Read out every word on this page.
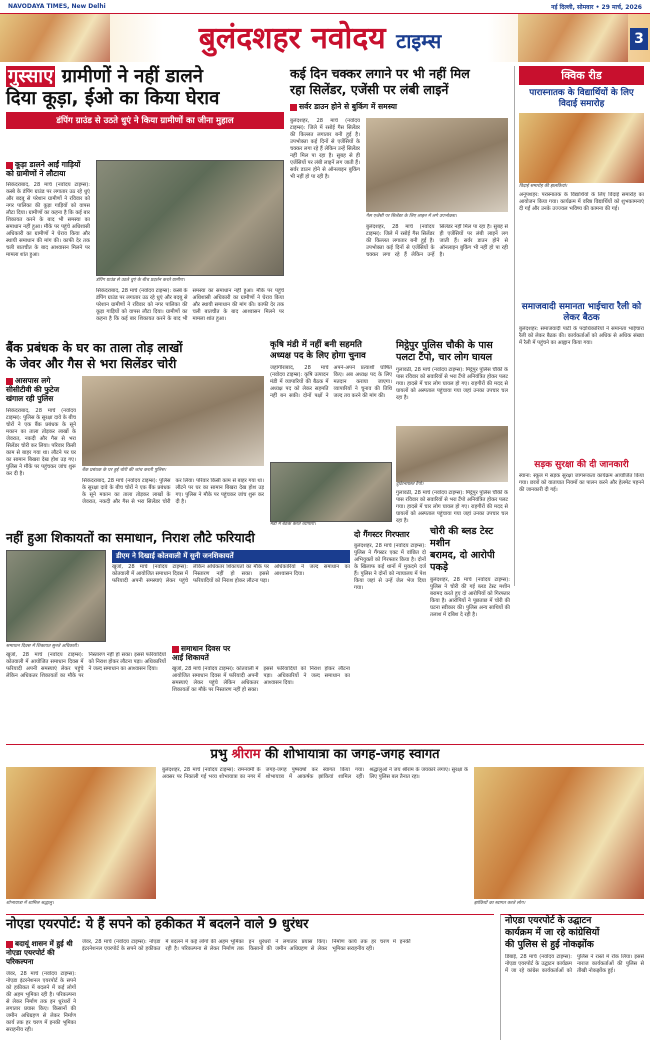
NAVODAYA TIMES, New Delhi	नई दिल्ली, सोमवार • 29 मार्च, 2026
बुलंदशहर नवोदय टाइम्स	3
गुस्साए ग्रामीणों ने नहीं डालने
दिया कूड़ा, ईओ का किया घेराव
डंपिंग ग्राउंड से उठते धुएं ने किया ग्रामीणों का जीना मुहाल
कूड़ा डालने आईं गाड़ियों को ग्रामीणों ने लौटाया
सिकंदराबाद, 28 मार्च (नवोदय टाइम्स): कस्बे के डंपिंग ग्राउंड पर लगातार उठ रहे धुएं और बदबू से परेशान ग्रामीणों ने रविवार को नगर पालिका की कूड़ा गाड़ियों को वापस लौटा दिया। ग्रामीणों का कहना है कि कई बार शिकायत करने के बाद भी समस्या का समाधान नहीं हुआ। मौके पर पहुंचे अधिशासी अधिकारी का ग्रामीणों ने घेराव किया और स्थायी समाधान की मांग की। काफी देर तक चली बातचीत के बाद आश्वासन मिलने पर मामला शांत हुआ।
डंपिंग ग्राउंड से उठते धुएं के बीच प्रदर्शन करते ग्रामीण।
सिकंदराबाद, 28 मार्च (नवोदय टाइम्स): कस्बे के डंपिंग ग्राउंड पर लगातार उठ रहे धुएं और बदबू से परेशान ग्रामीणों ने रविवार को नगर पालिका की कूड़ा गाड़ियों को वापस लौटा दिया। ग्रामीणों का कहना है कि कई बार शिकायत करने के बाद भी समस्या का समाधान नहीं हुआ। मौके पर पहुंचे अधिशासी अधिकारी का ग्रामीणों ने घेराव किया और स्थायी समाधान की मांग की। काफी देर तक चली बातचीत के बाद आश्वासन मिलने पर मामला शांत हुआ।
कई दिन चक्कर लगाने पर भी नहीं मिल
रहा सिलेंडर, एजेंसी पर लंबी लाइनें
सर्वर डाउन होने से बुकिंग में समस्या
बुलंदशहर, 28 मार्च (नवोदय टाइम्स): जिले में रसोई गैस सिलेंडर की किल्लत लगातार बनी हुई है। उपभोक्ता कई दिनों से एजेंसियों के चक्कर लगा रहे हैं लेकिन उन्हें सिलेंडर नहीं मिल पा रहा है। सुबह से ही एजेंसियों पर लंबी लाइनें लग जाती हैं। सर्वर डाउन होने से ऑनलाइन बुकिंग भी नहीं हो पा रही है।
गैस एजेंसी पर सिलेंडर के लिए लाइन में लगे उपभोक्ता।
बुलंदशहर, 28 मार्च (नवोदय टाइम्स): जिले में रसोई गैस सिलेंडर की किल्लत लगातार बनी हुई है। उपभोक्ता कई दिनों से एजेंसियों के चक्कर लगा रहे हैं लेकिन उन्हें सिलेंडर नहीं मिल पा रहा है। सुबह से ही एजेंसियों पर लंबी लाइनें लग जाती हैं। सर्वर डाउन होने से ऑनलाइन बुकिंग भी नहीं हो पा रही है।
क्विक रीड
पारास्नातक के विद्यार्थियों के लिए विदाई समारोह
विदाई समारोह की झलकियां।
अनूपशहर: परास्नातक के विद्यार्थियों के लिए विदाई समारोह का आयोजन किया गया। कार्यक्रम में वरिष्ठ विद्यार्थियों को शुभकामनाएं दी गईं और उनके उज्ज्वल भविष्य की कामना की गई।
समाजवादी समानता भाईचारा रैली को लेकर बैठक
बुलंदशहर: समाजवादी पार्टी के पदाधिकारियों ने समानता भाईचारा रैली को लेकर बैठक की। कार्यकर्ताओं को अधिक से अधिक संख्या में रैली में पहुंचने का आह्वान किया गया।
सड़क सुरक्षा की दी जानकारी
स्याना: स्कूल में सड़क सुरक्षा जागरूकता कार्यक्रम आयोजित किया गया। छात्रों को यातायात नियमों का पालन करने और हेलमेट पहनने की जानकारी दी गई।
बैंक प्रबंधक के घर का ताला तोड़ लाखों
के जेवर और गैस से भरा सिलेंडर चोरी
आसपास लगे सीसीटीवी की फुटेज खंगाल रही पुलिस
सिकंदराबाद, 28 मार्च (नवोदय टाइम्स): पुलिस के सुरक्षा दावे के बीच चोरों ने एक बैंक प्रबंधक के सूने मकान का ताला तोड़कर लाखों के जेवरात, नकदी और गैस से भरा सिलेंडर चोरी कर लिया। परिवार किसी काम से बाहर गया था। लौटने पर घर का सामान बिखरा देख होश उड़ गए। पुलिस ने मौके पर पहुंचकर जांच शुरू कर दी है।
बैंक प्रबंधक के घर हुई चोरी की जांच करती पुलिस।
सिकंदराबाद, 28 मार्च (नवोदय टाइम्स): पुलिस के सुरक्षा दावे के बीच चोरों ने एक बैंक प्रबंधक के सूने मकान का ताला तोड़कर लाखों के जेवरात, नकदी और गैस से भरा सिलेंडर चोरी कर लिया। परिवार किसी काम से बाहर गया था। लौटने पर घर का सामान बिखरा देख होश उड़ गए। पुलिस ने मौके पर पहुंचकर जांच शुरू कर दी है।
कृषि मंडी में नहीं बनी सहमति
अध्यक्ष पद के लिए होगा चुनाव
जहांगीराबाद, 28 मार्च (नवोदय टाइम्स): कृषि उत्पादन मंडी में व्यापारियों की बैठक में अध्यक्ष पद को लेकर सहमति नहीं बन सकी। दोनों पक्षों ने अपने-अपने प्रत्याशी घोषित किए। अब अध्यक्ष पद के लिए मतदान कराया जाएगा। व्यापारियों ने चुनाव की तिथि जल्द तय करने की मांग की।
मंडी में बैठक करते व्यापारी।
मिट्ठेपुर पुलिस चौकी के पास
पलटा टैंपो, चार लोग घायल
गुलावठी, 28 मार्च (नवोदय टाइम्स): मिट्ठेपुर पुलिस चौकी के पास रविवार को सवारियों से भरा टैंपो अनियंत्रित होकर पलट गया। हादसे में चार लोग घायल हो गए। राहगीरों की मदद से घायलों को अस्पताल पहुंचाया गया जहां उनका उपचार चल रहा है।
दुर्घटनाग्रस्त टैंपो।
गुलावठी, 28 मार्च (नवोदय टाइम्स): मिट्ठेपुर पुलिस चौकी के पास रविवार को सवारियों से भरा टैंपो अनियंत्रित होकर पलट गया। हादसे में चार लोग घायल हो गए। राहगीरों की मदद से घायलों को अस्पताल पहुंचाया गया जहां उनका उपचार चल रहा है।
नहीं हुआ शिकायतों का समाधान, निराश लौटे फरियादी
डीएम ने दिखाई कोतवाली में सुनी जनशिकायतें
खुर्जा, 28 मार्च (नवोदय टाइम्स): कोतवाली में आयोजित समाधान दिवस में फरियादी अपनी समस्याएं लेकर पहुंचे लेकिन अधिकतर शिकायतों का मौके पर निस्तारण नहीं हो सका। इससे फरियादियों को निराश होकर लौटना पड़ा। अधिकारियों ने जल्द समाधान का आश्वासन दिया।
समाधान दिवस में शिकायत सुनते अधिकारी।
खुर्जा, 28 मार्च (नवोदय टाइम्स): कोतवाली में आयोजित समाधान दिवस में फरियादी अपनी समस्याएं लेकर पहुंचे लेकिन अधिकतर शिकायतों का मौके पर निस्तारण नहीं हो सका। इससे फरियादियों को निराश होकर लौटना पड़ा। अधिकारियों ने जल्द समाधान का आश्वासन दिया।
समाधान दिवस पर आईं शिकायतें
खुर्जा, 28 मार्च (नवोदय टाइम्स): कोतवाली में आयोजित समाधान दिवस में फरियादी अपनी समस्याएं लेकर पहुंचे लेकिन अधिकतर शिकायतों का मौके पर निस्तारण नहीं हो सका। इससे फरियादियों को निराश होकर लौटना पड़ा। अधिकारियों ने जल्द समाधान का आश्वासन दिया।
दो गैंगस्टर गिरफ्तार
बुलंदशहर, 28 मार्च (नवोदय टाइम्स): पुलिस ने गैंगस्टर एक्ट में वांछित दो अभियुक्तों को गिरफ्तार किया है। दोनों के खिलाफ कई थानों में मुकदमे दर्ज हैं। पुलिस ने दोनों को न्यायालय में पेश किया जहां से उन्हें जेल भेज दिया गया।
चोरी की ब्लड टेस्ट मशीन
बरामद, दो आरोपी पकड़े
बुलंदशहर, 28 मार्च (नवोदय टाइम्स): पुलिस ने चोरी की गई ब्लड टेस्ट मशीन बरामद करते हुए दो आरोपियों को गिरफ्तार किया है। आरोपियों ने पूछताछ में चोरी की घटना स्वीकार की। पुलिस अन्य साथियों की तलाश में दबिश दे रही है।
प्रभु श्रीराम की शोभायात्रा का जगह-जगह स्वागत
शोभायात्रा में शामिल श्रद्धालु।
बुलंदशहर, 28 मार्च (नवोदय टाइम्स): रामनवमी के अवसर पर निकाली गई भव्य शोभायात्रा का नगर में जगह-जगह पुष्पवर्षा कर स्वागत किया गया। शोभायात्रा में आकर्षक झांकियां शामिल रहीं। श्रद्धालुओं ने जय श्रीराम के जयकारे लगाए। सुरक्षा के लिए पुलिस बल तैनात रहा।
झांकियों का स्वागत करते लोग।
नोएडा एयरपोर्ट: ये हैं सपने को हकीकत में बदलने वाले 9 धुरंधर
बदायूं शासन में हुई थी नोएडा एयरपोर्ट की परिकल्पना
जेवर, 28 मार्च (नवोदय टाइम्स): नोएडा इंटरनेशनल एयरपोर्ट के सपने को हकीकत में बदलने में कई लोगों की अहम भूमिका रही है। परिकल्पना से लेकर निर्माण तक इन धुरंधरों ने लगातार प्रयास किए। किसानों की जमीन अधिग्रहण से लेकर निर्माण कार्य तक हर चरण में इनकी भूमिका सराहनीय रही।
जेवर, 28 मार्च (नवोदय टाइम्स): नोएडा इंटरनेशनल एयरपोर्ट के सपने को हकीकत में बदलने में कई लोगों की अहम भूमिका रही है। परिकल्पना से लेकर निर्माण तक इन धुरंधरों ने लगातार प्रयास किए। किसानों की जमीन अधिग्रहण से लेकर निर्माण कार्य तक हर चरण में इनकी भूमिका सराहनीय रही।
नोएडा एयरपोर्ट के उद्घाटन
कार्यक्रम में जा रहे कांग्रेसियों
की पुलिस से हुई नोकझोंक
डिबाई, 28 मार्च (नवोदय टाइम्स): नोएडा एयरपोर्ट के उद्घाटन कार्यक्रम में जा रहे कांग्रेस कार्यकर्ताओं को पुलिस ने रास्ते में रोक लिया। इससे नाराज कार्यकर्ताओं की पुलिस से तीखी नोकझोंक हुई।
